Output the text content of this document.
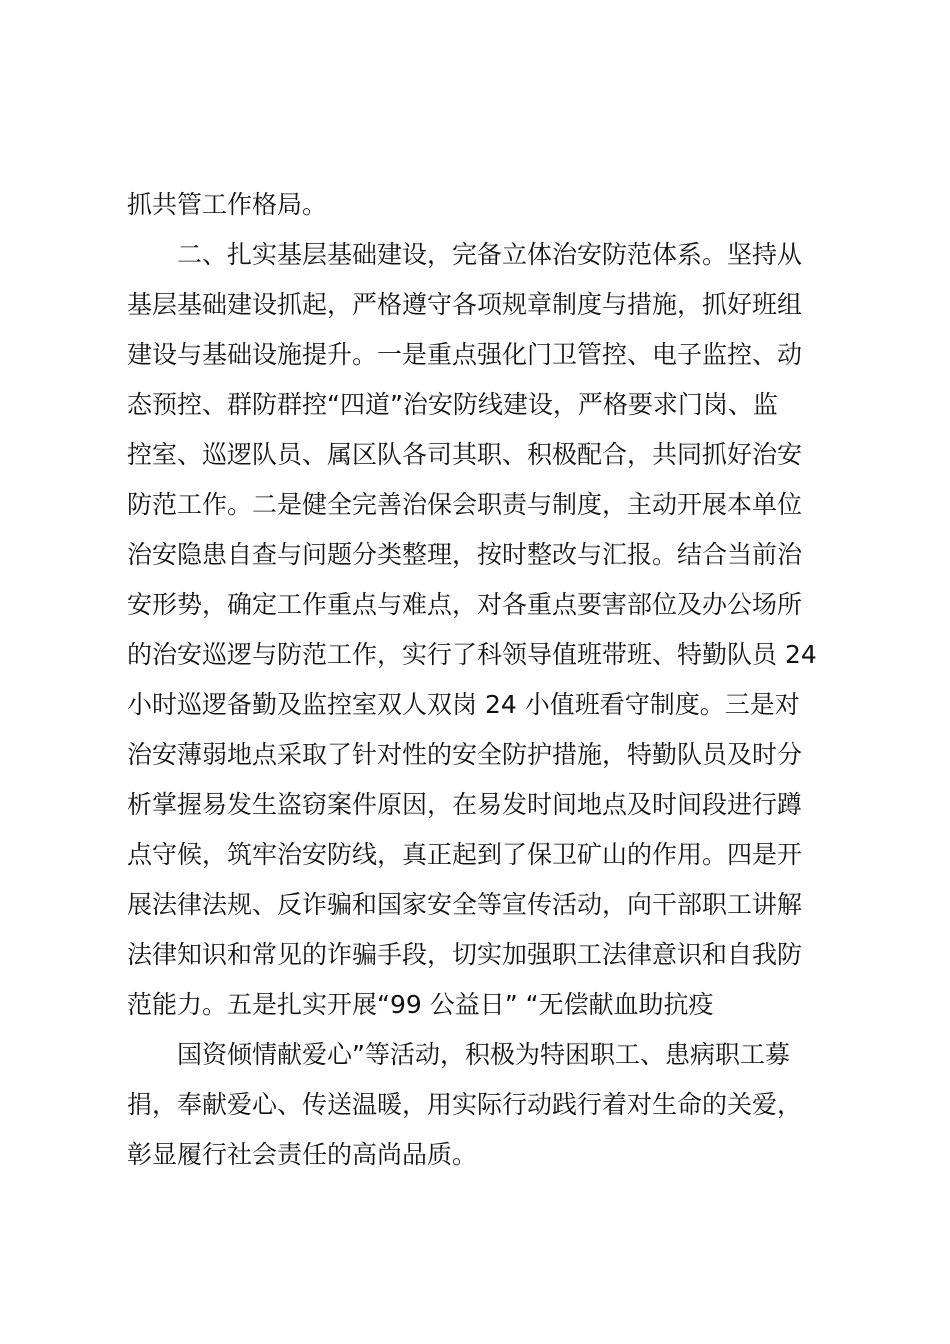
抓共管工作格局。
二、扎实基层基础建设，完备立体治安防范体系。坚持从
基层基础建设抓起，严格遵守各项规章制度与措施，抓好班组
建设与基础设施提升。一是重点强化门卫管控、电子监控、动
态预控、群防群控“四道”治安防线建设，严格要求门岗、监
控室、巡逻队员、属区队各司其职、积极配合，共同抓好治安
防范工作。二是健全完善治保会职责与制度，主动开展本单位
治安隐患自查与问题分类整理，按时整改与汇报。结合当前治
安形势，确定工作重点与难点，对各重点要害部位及办公场所
的治安巡逻与防范工作，实行了科领导值班带班、特勤队员 24
小时巡逻备勤及监控室双人双岗 24 小值班看守制度。三是对
治安薄弱地点采取了针对性的安全防护措施，特勤队员及时分
析掌握易发生盗窃案件原因，在易发时间地点及时间段进行蹲
点守候，筑牢治安防线，真正起到了保卫矿山的作用。四是开
展法律法规、反诈骗和国家安全等宣传活动，向干部职工讲解
法律知识和常见的诈骗手段，切实加强职工法律意识和自我防
范能力。五是扎实开展“99 公益日” “无偿献血助抗疫
国资倾情献爱心”等活动，积极为特困职工、患病职工募
捐，奉献爱心、传送温暖，用实际行动践行着对生命的关爱，
彰显履行社会责任的高尚品质。
